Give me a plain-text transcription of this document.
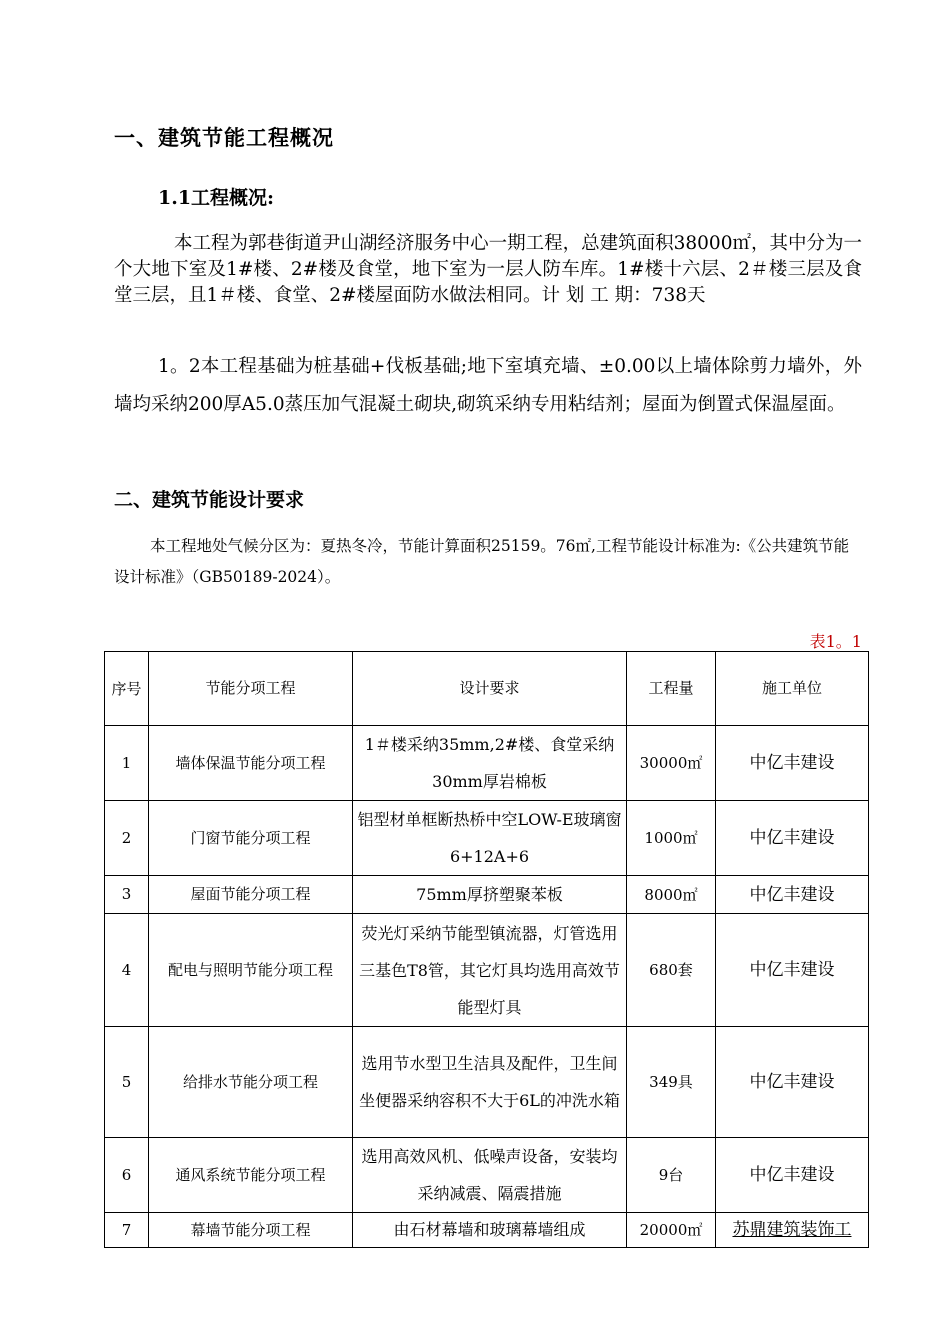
一、建筑节能工程概况
1.1工程概况:
本工程为郭巷街道尹山湖经济服务中心一期工程，总建筑面积38000㎡，其中分为一个大地下室及1#楼、2#楼及食堂，地下室为一层人防车库。1#楼十六层、2＃楼三层及食堂三层，且1＃楼、食堂、2#楼屋面防水做法相同。计 划 工 期：738天
1。2本工程基础为桩基础+伐板基础;地下室填充墙、±0.00以上墙体除剪力墙外，外墙均采纳200厚A5.0蒸压加气混凝土砌块,砌筑采纳专用粘结剂；屋面为倒置式保温屋面。
二、建筑节能设计要求
本工程地处气候分区为：夏热冬冷，节能计算面积25159。76㎡,工程节能设计标准为:《公共建筑节能设计标准》（GB50189-2024）。
表1。1
序号	节能分项工程	设计要求	工程量	施工单位
1	墙体保温节能分项工程	1＃楼采纳35mm,2#楼、食堂采纳30mm厚岩棉板	30000㎡	中亿丰建设
2	门窗节能分项工程	铝型材单框断热桥中空LOW-E玻璃窗6+12A+6	1000㎡	中亿丰建设
3	屋面节能分项工程	75mm厚挤塑聚苯板	8000㎡	中亿丰建设
4	配电与照明节能分项工程	荧光灯采纳节能型镇流器，灯管选用三基色T8管，其它灯具均选用高效节能型灯具	680套	中亿丰建设
5	给排水节能分项工程	选用节水型卫生洁具及配件，卫生间坐便器采纳容积不大于6L的冲洗水箱	349具	中亿丰建设
6	通风系统节能分项工程	选用高效风机、低噪声设备，安装均采纳减震、隔震措施	9台	中亿丰建设
7	幕墙节能分项工程	由石材幕墙和玻璃幕墙组成	20000㎡	苏鼎建筑装饰工
